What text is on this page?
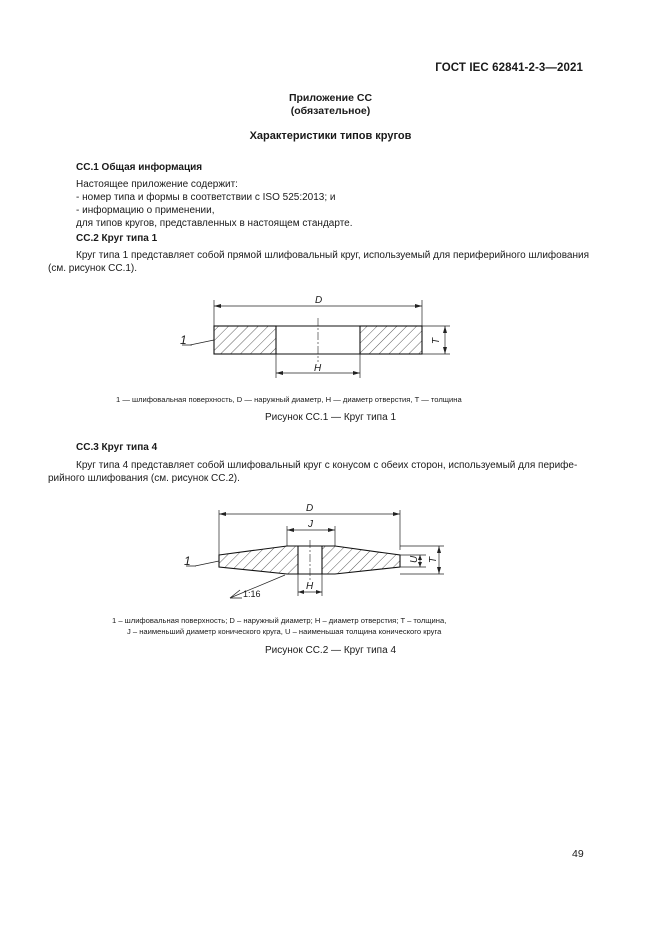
ГОСТ IEC 62841-2-3—2021
Приложение СС
(обязательное)
Характеристики типов кругов
СС.1 Общая информация
Настоящее приложение содержит:
- номер типа и формы в соответствии с ISO 525:2013; и
- информацию о применении,
для типов кругов, представленных в настоящем стандарте.
СС.2 Круг типа 1
Круг типа 1 представляет собой прямой шлифовальный круг, используемый для периферийного шлифования
(см. рисунок СС.1).
D
H
T
1
1 — шлифовальная поверхность, D — наружный диаметр, H — диаметр отверстия, T — толщина
Рисунок СС.1 — Круг типа 1
СС.3 Круг типа 4
Круг типа 4 представляет собой шлифовальный круг с конусом с обеих сторон, используемый для перифе-
рийного шлифования (см. рисунок СС.2).
D
J
H
U T
1:16
1
1 – шлифовальная поверхность; D – наружный диаметр; H – диаметр отверстия; T – толщина,
J – наименьший диаметр конического круга, U – наименьшая толщина конического круга
Рисунок СС.2 — Круг типа 4
49
